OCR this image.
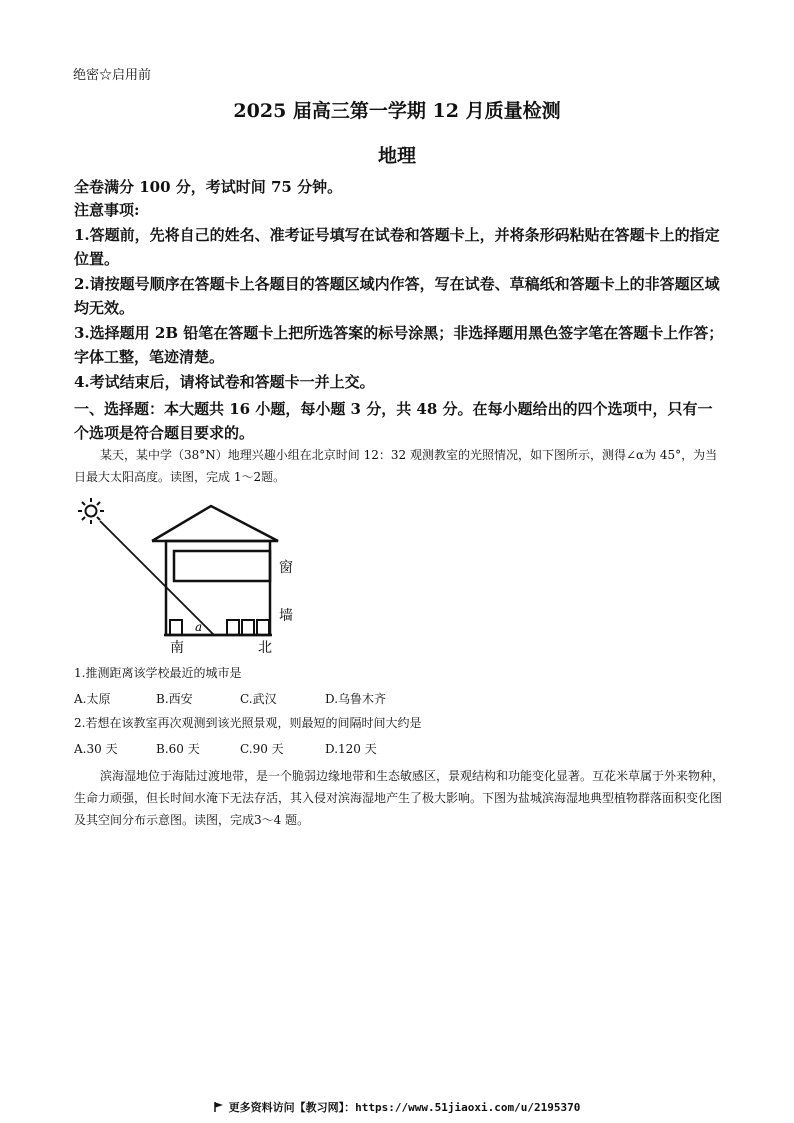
绝密☆启用前
2025 届高三第一学期 12 月质量检测
地理
全卷满分 100 分，考试时间 75 分钟。
注意事项:
1.答题前，先将自己的姓名、准考证号填写在试卷和答题卡上，并将条形码粘贴在答题卡上的指定位置。
2.请按题号顺序在答题卡上各题目的答题区域内作答，写在试卷、草稿纸和答题卡上的非答题区域均无效。
3.选择题用 2B 铅笔在答题卡上把所选答案的标号涂黑；非选择题用黑色签字笔在答题卡上作答；字体工整，笔迹清楚。
4.考试结束后，请将试卷和答题卡一并上交。
一、选择题：本大题共 16 小题，每小题 3 分，共 48 分。在每小题给出的四个选项中，只有一个选项是符合题目要求的。
某天，某中学（38°N）地理兴趣小组在北京时间 12：32 观测教室的光照情况，如下图所示，测得∠α为 45°，为当日最大太阳高度。读图，完成 1～2题。
a
窗
墙
南	北
1.推测距离该学校最近的城市是
A.太原	B.西安	C.武汉	D.乌鲁木齐
2.若想在该教室再次观测到该光照景观，则最短的间隔时间大约是
A.30 天	B.60 天	C.90 天	D.120 天
滨海湿地位于海陆过渡地带，是一个脆弱边缘地带和生态敏感区，景观结构和功能变化显著。互花米草属于外来物种，生命力顽强，但长时间水淹下无法存活，其入侵对滨海湿地产生了极大影响。下图为盐城滨海湿地典型植物群落面积变化图及其空间分布示意图。读图，完成3～4 题。
更多资料访问【教习网】：https://www.51jiaoxi.com/u/2195370
